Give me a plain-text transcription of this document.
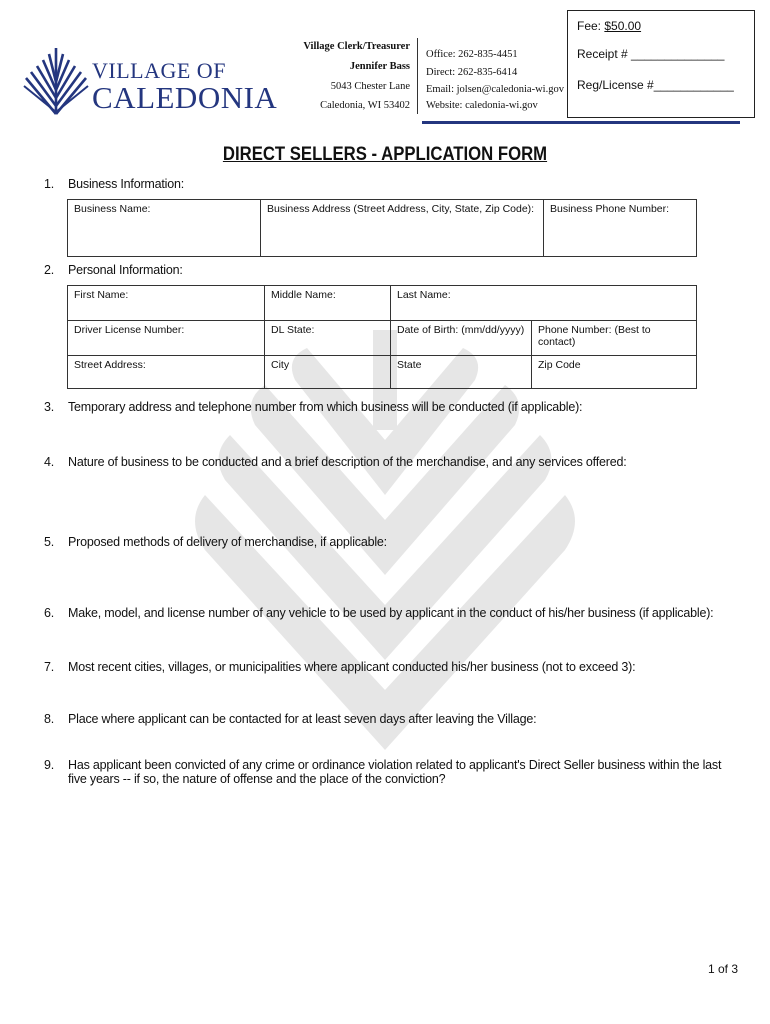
VILLAGE OF
CALEDONIA
Village Clerk/Treasurer
Jennifer Bass
5043 Chester Lane
Caledonia, WI 53402
Office: 262-835-4451
Direct: 262-835-6414
Email: jolsen@caledonia-wi.gov
Website: caledonia-wi.gov
Fee: $50.00
Receipt # ______________
Reg/License #____________
DIRECT SELLERS - APPLICATION FORM
1. Business Information:
Business Name:	Business Address (Street Address, City, State, Zip Code):	Business Phone Number:
2. Personal Information:
First Name:	Middle Name:	Last Name:	
Driver License Number:	DL State:	Date of Birth: (mm/dd/yyyy)	Phone Number: (Best to contact)
Street Address:	City	State	Zip Code
3. Temporary address and telephone number from which business will be conducted (if applicable):
4. Nature of business to be conducted and a brief description of the merchandise, and any services offered:
5. Proposed methods of delivery of merchandise, if applicable:
6. Make, model, and license number of any vehicle to be used by applicant in the conduct of his/her business (if applicable):
7. Most recent cities, villages, or municipalities where applicant conducted his/her business (not to exceed 3):
8. Place where applicant can be contacted for at least seven days after leaving the Village:
9. Has applicant been convicted of any crime or ordinance violation related to applicant's Direct Seller business within the last five years -- if so, the nature of offense and the place of the conviction?
1 of 3
